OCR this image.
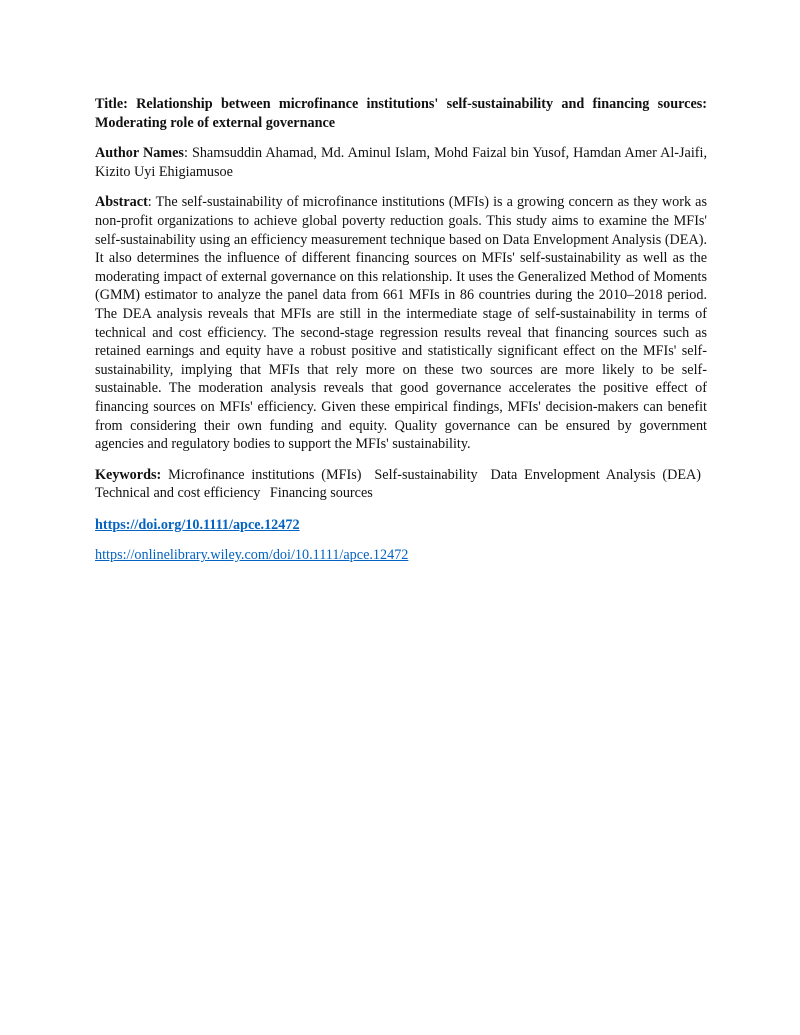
Title: Relationship between microfinance institutions' self-sustainability and financing sources: Moderating role of external governance

Author Names: Shamsuddin Ahamad, Md. Aminul Islam, Mohd Faizal bin Yusof, Hamdan Amer Al-Jaifi, Kizito Uyi Ehigiamusoe

Abstract: The self-sustainability of microfinance institutions (MFIs) is a growing concern as they work as non-profit organizations to achieve global poverty reduction goals. This study aims to examine the MFIs' self-sustainability using an efficiency measurement technique based on Data Envelopment Analysis (DEA). It also determines the influence of different financing sources on MFIs' self-sustainability as well as the moderating impact of external governance on this relationship. It uses the Generalized Method of Moments (GMM) estimator to analyze the panel data from 661 MFIs in 86 countries during the 2010–2018 period. The DEA analysis reveals that MFIs are still in the intermediate stage of self-sustainability in terms of technical and cost efficiency. The second-stage regression results reveal that financing sources such as retained earnings and equity have a robust positive and statistically significant effect on the MFIs' self-sustainability, implying that MFIs that rely more on these two sources are more likely to be self-sustainable. The moderation analysis reveals that good governance accelerates the positive effect of financing sources on MFIs' efficiency. Given these empirical findings, MFIs' decision-makers can benefit from considering their own funding and equity. Quality governance can be ensured by government agencies and regulatory bodies to support the MFIs' sustainability.

Keywords: Microfinance institutions (MFIs) Self-sustainability Data Envelopment Analysis (DEA) Technical and cost efficiency Financing sources

https://doi.org/10.1111/apce.12472

https://onlinelibrary.wiley.com/doi/10.1111/apce.12472
